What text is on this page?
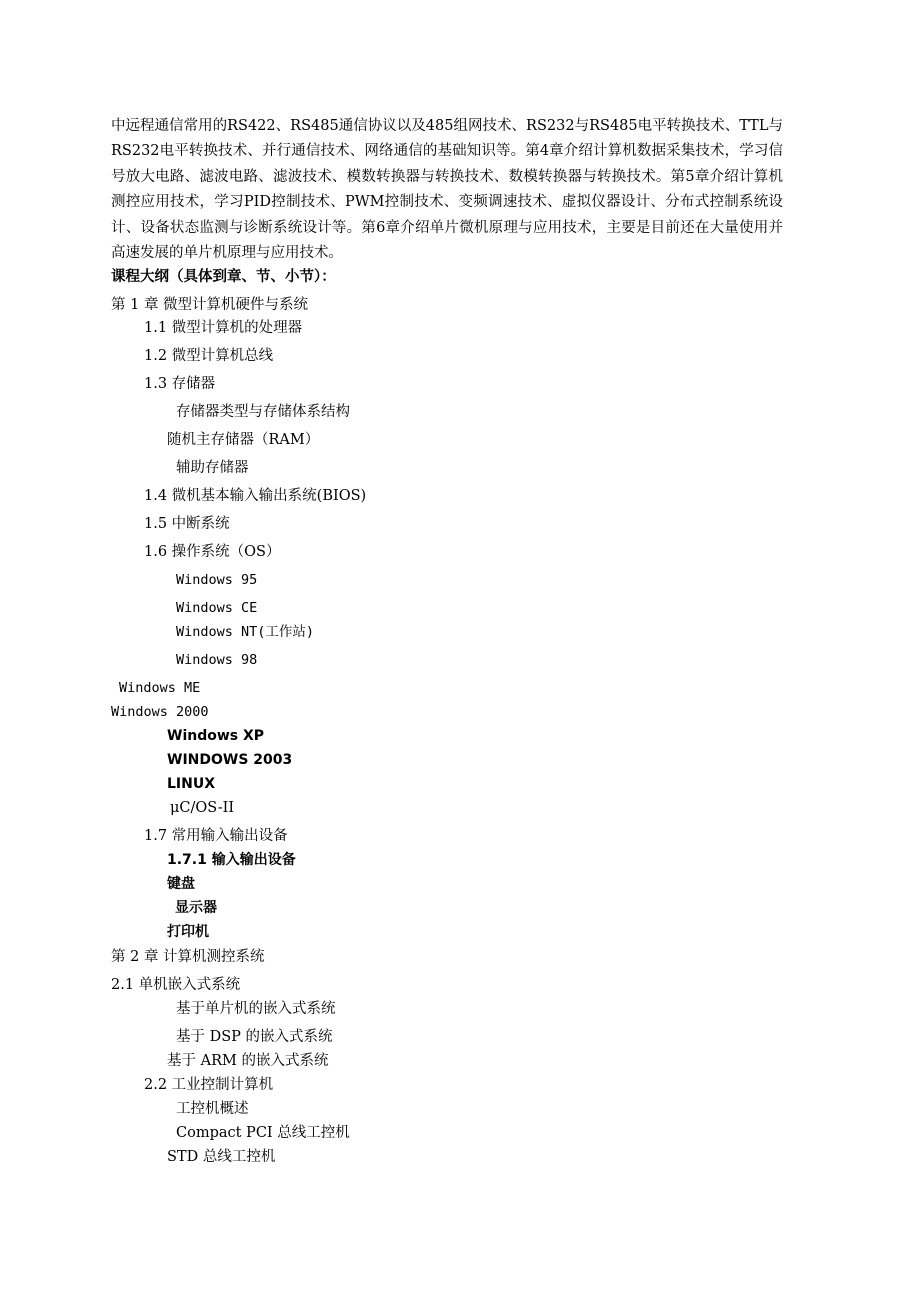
中远程通信常用的RS422、RS485通信协议以及485组网技术、RS232与RS485电平转换技术、TTL与RS232电平转换技术、并行通信技术、网络通信的基础知识等。第4章介绍计算机数据采集技术，学习信号放大电路、滤波电路、滤波技术、模数转换器与转换技术、数模转换器与转换技术。第5章介绍计算机测控应用技术，学习PID控制技术、PWM控制技术、变频调速技术、虚拟仪器设计、分布式控制系统设计、设备状态监测与诊断系统设计等。第6章介绍单片微机原理与应用技术，主要是目前还在大量使用并高速发展的单片机原理与应用技术。

课程大纲（具体到章、节、小节）：
第 1 章 微型计算机硬件与系统
1.1 微型计算机的处理器
1.2 微型计算机总线
1.3 存储器
存储器类型与存储体系结构
随机主存储器（RAM）
辅助存储器
1.4 微机基本输入输出系统(BIOS)
1.5 中断系统
1.6 操作系统（OS）
Windows 95
Windows CE
Windows NT(工作站)
Windows 98
Windows ME
Windows 2000
Windows XP
WINDOWS 2003
LINUX
μC/OS-II
1.7 常用输入输出设备
1.7.1 输入输出设备
键盘
显示器
打印机
第 2 章 计算机测控系统
2.1 单机嵌入式系统
基于单片机的嵌入式系统
基于 DSP 的嵌入式系统
基于 ARM 的嵌入式系统
2.2 工业控制计算机
工控机概述
Compact PCI 总线工控机
STD 总线工控机
